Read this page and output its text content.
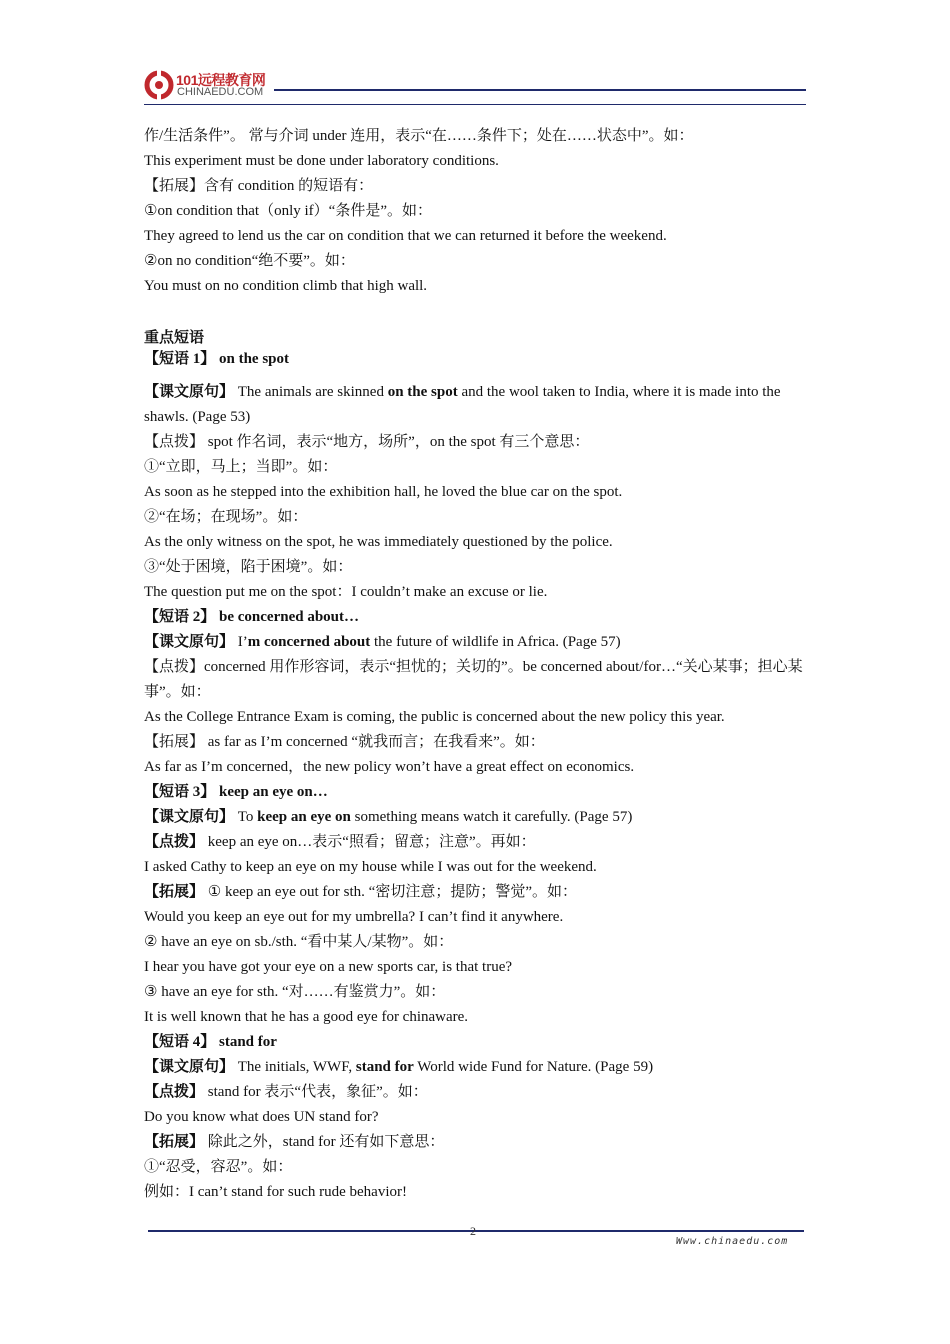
101远程教育网
CHINAEDU.COM
作/生活条件”。 常与介词 under 连用，表示“在……条件下；处在……状态中”。如：
This experiment must be done under laboratory conditions.
【拓展】含有 condition 的短语有：
①on condition that（only if）“条件是”。如：
They agreed to lend us the car on condition that we can returned it before the weekend.
②on no condition“绝不要”。如：
You must on no condition climb that high wall.
重点短语
【短语 1】 on the spot
【课文原句】 The animals are skinned on the spot and the wool taken to India, where it is made into the shawls. (Page 53)
【点拨】 spot 作名词，表示“地方，场所”，on the spot 有三个意思：
①“立即，马上；当即”。如：
As soon as he stepped into the exhibition hall, he loved the blue car on the spot.
②“在场；在现场”。如：
As the only witness on the spot, he was immediately questioned by the police.
③“处于困境，陷于困境”。如：
The question put me on the spot：I couldn’t make an excuse or lie.
【短语 2】 be concerned about…
【课文原句】 I’m concerned about the future of wildlife in Africa. (Page 57)
【点拨】concerned 用作形容词，表示“担忧的；关切的”。be concerned about/for…“关心某事；担心某事”。如：
As the College Entrance Exam is coming, the public is concerned about the new policy this year.
【拓展】 as far as I’m concerned “就我而言；在我看来”。如：
As far as I’m concerned，the new policy won’t have a great effect on economics.
【短语 3】 keep an eye on…
【课文原句】 To keep an eye on something means watch it carefully. (Page 57)
【点拨】 keep an eye on…表示“照看；留意；注意”。再如：
I asked Cathy to keep an eye on my house while I was out for the weekend.
【拓展】 ① keep an eye out for sth. “密切注意；提防；警觉”。如：
Would you keep an eye out for my umbrella? I can’t find it anywhere.
② have an eye on sb./sth. “看中某人/某物”。如：
I hear you have got your eye on a new sports car, is that true?
③ have an eye for sth. “对……有鉴赏力”。如：
It is well known that he has a good eye for chinaware.
【短语 4】 stand for
【课文原句】 The initials, WWF, stand for World wide Fund for Nature. (Page 59)
【点拨】 stand for 表示“代表，象征”。如：
Do you know what does UN stand for?
【拓展】 除此之外，stand for 还有如下意思：
①“忍受，容忍”。如：
例如：I can’t stand for such rude behavior!
2
Www.chinaedu.com
